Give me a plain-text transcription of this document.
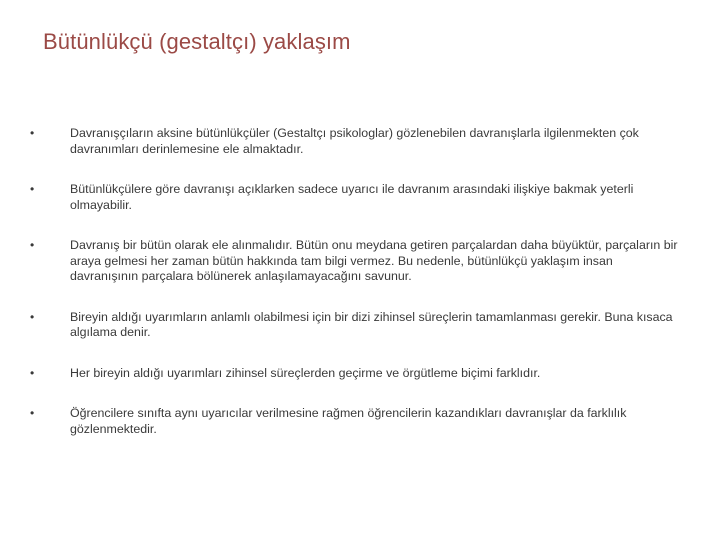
Bütünlükçü (gestaltçı) yaklaşım
•	Davranışçıların aksine bütünlükçüler (Gestaltçı psikologlar) gözlenebilen davranışlarla ilgilenmekten çok davranımları derinlemesine ele almaktadır.
•	Bütünlükçülere göre davranışı açıklarken sadece uyarıcı ile davranım arasındaki ilişkiye bakmak yeterli olmayabilir.
•	Davranış bir bütün olarak ele alınmalıdır. Bütün onu meydana getiren parçalardan daha büyüktür, parçaların bir araya gelmesi her zaman bütün hakkında tam bilgi vermez. Bu nedenle, bütünlükçü yaklaşım insan davranışının parçalara bölünerek anlaşılamayacağını savunur.
•	Bireyin aldığı uyarımların anlamlı olabilmesi için bir dizi zihinsel süreçlerin tamamlanması gerekir. Buna kısaca algılama denir.
•	Her bireyin aldığı uyarımları zihinsel süreçlerden geçirme ve örgütleme biçimi farklıdır.
•	Öğrencilere sınıfta aynı uyarıcılar verilmesine rağmen öğrencilerin kazandıkları davranışlar da farklılık gözlenmektedir.
